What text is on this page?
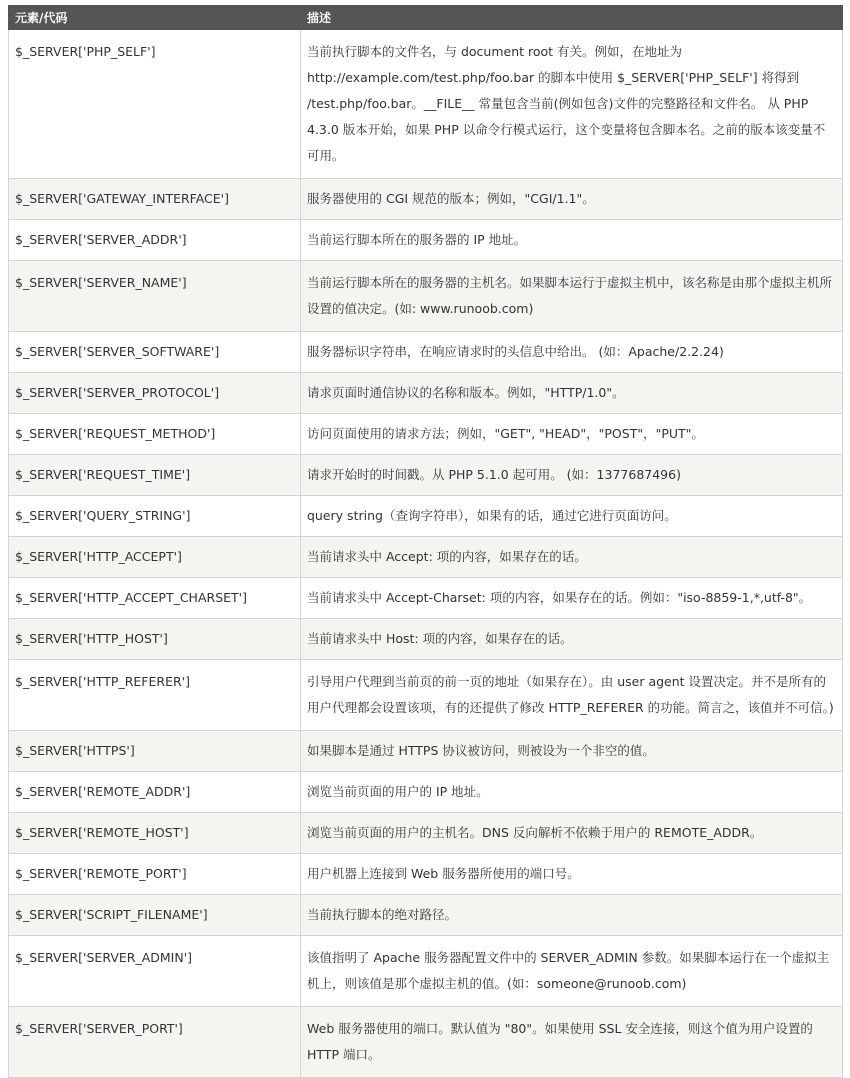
元素/代码	描述
$_SERVER['PHP_SELF']	当前执行脚本的文件名，与 document root 有关。例如，在地址为 http://example.com/test.php/foo.bar 的脚本中使用 $_SERVER['PHP_SELF'] 将得到 /test.php/foo.bar。__FILE__ 常量包含当前(例如包含)文件的完整路径和文件名。 从 PHP 4.3.0 版本开始，如果 PHP 以命令行模式运行，这个变量将包含脚本名。之前的版本该变量不可用。
$_SERVER['GATEWAY_INTERFACE']	服务器使用的 CGI 规范的版本；例如，"CGI/1.1"。
$_SERVER['SERVER_ADDR']	当前运行脚本所在的服务器的 IP 地址。
$_SERVER['SERVER_NAME']	当前运行脚本所在的服务器的主机名。如果脚本运行于虚拟主机中，该名称是由那个虚拟主机所设置的值决定。(如: www.runoob.com)
$_SERVER['SERVER_SOFTWARE']	服务器标识字符串，在响应请求时的头信息中给出。 (如：Apache/2.2.24)
$_SERVER['SERVER_PROTOCOL']	请求页面时通信协议的名称和版本。例如，"HTTP/1.0"。
$_SERVER['REQUEST_METHOD']	访问页面使用的请求方法；例如，"GET", "HEAD"，"POST"，"PUT"。
$_SERVER['REQUEST_TIME']	请求开始时的时间戳。从 PHP 5.1.0 起可用。 (如：1377687496)
$_SERVER['QUERY_STRING']	query string（查询字符串），如果有的话，通过它进行页面访问。
$_SERVER['HTTP_ACCEPT']	当前请求头中 Accept: 项的内容，如果存在的话。
$_SERVER['HTTP_ACCEPT_CHARSET']	当前请求头中 Accept-Charset: 项的内容，如果存在的话。例如："iso-8859-1,*,utf-8"。
$_SERVER['HTTP_HOST']	当前请求头中 Host: 项的内容，如果存在的话。
$_SERVER['HTTP_REFERER']	引导用户代理到当前页的前一页的地址（如果存在）。由 user agent 设置决定。并不是所有的用户代理都会设置该项，有的还提供了修改 HTTP_REFERER 的功能。简言之，该值并不可信。)
$_SERVER['HTTPS']	如果脚本是通过 HTTPS 协议被访问，则被设为一个非空的值。
$_SERVER['REMOTE_ADDR']	浏览当前页面的用户的 IP 地址。
$_SERVER['REMOTE_HOST']	浏览当前页面的用户的主机名。DNS 反向解析不依赖于用户的 REMOTE_ADDR。
$_SERVER['REMOTE_PORT']	用户机器上连接到 Web 服务器所使用的端口号。
$_SERVER['SCRIPT_FILENAME']	当前执行脚本的绝对路径。
$_SERVER['SERVER_ADMIN']	该值指明了 Apache 服务器配置文件中的 SERVER_ADMIN 参数。如果脚本运行在一个虚拟主机上，则该值是那个虚拟主机的值。(如：someone@runoob.com)
$_SERVER['SERVER_PORT']	Web 服务器使用的端口。默认值为 "80"。如果使用 SSL 安全连接，则这个值为用户设置的 HTTP 端口。
